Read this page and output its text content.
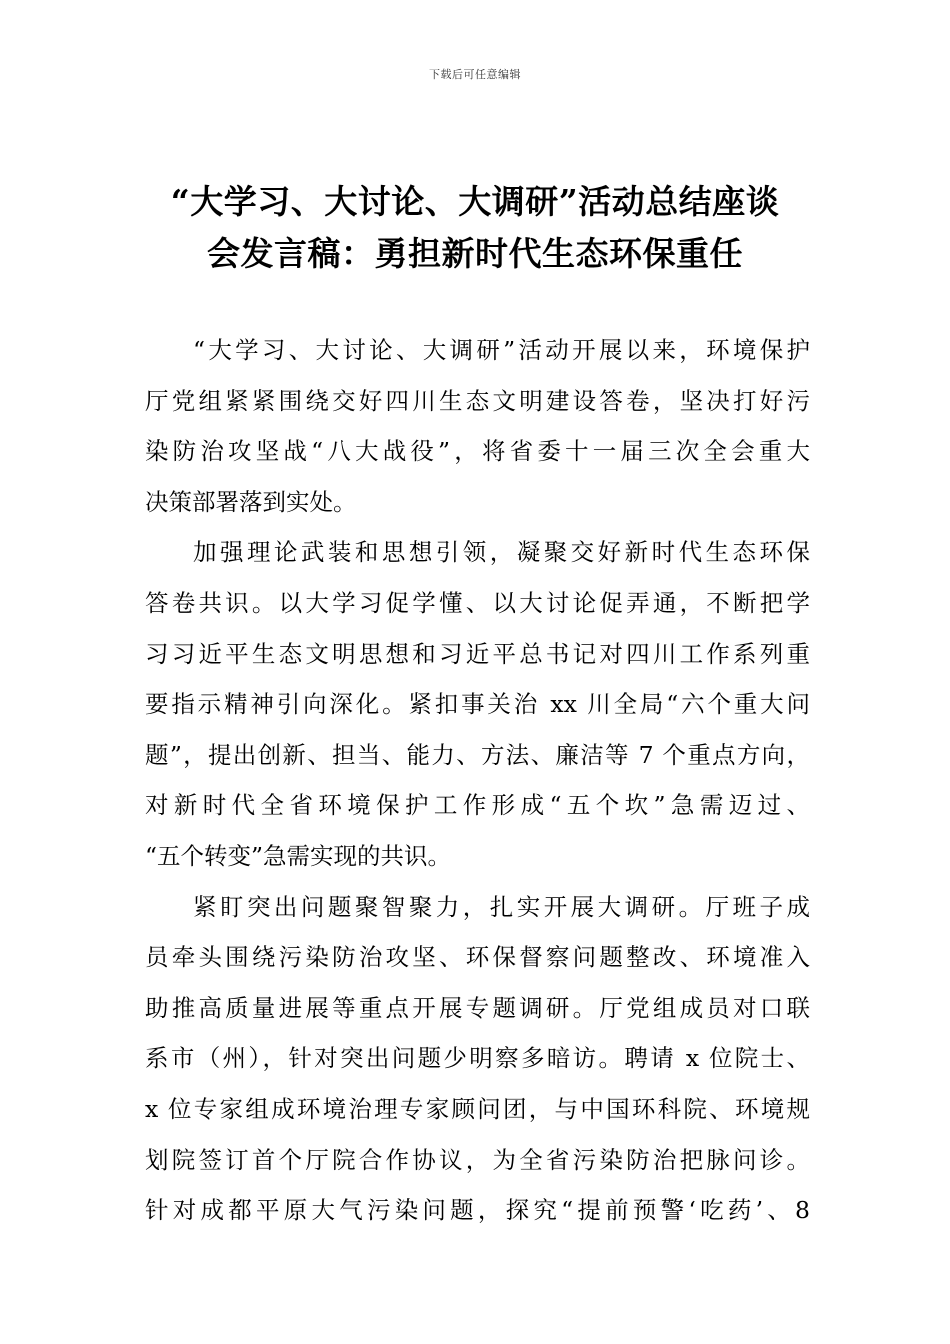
下载后可任意编辑
“大学习、大讨论、大调研”活动总结座谈
会发言稿：勇担新时代生态环保重任
“大学习、大讨论、大调研”活动开展以来，环境保护
厅党组紧紧围绕交好四川生态文明建设答卷，坚决打好污
染防治攻坚战“八大战役”，将省委十一届三次全会重大
决策部署落到实处。
加强理论武装和思想引领，凝聚交好新时代生态环保
答卷共识。以大学习促学懂、以大讨论促弄通，不断把学
习习近平生态文明思想和习近平总书记对四川工作系列重
要指示精神引向深化。紧扣事关治 xx 川全局“六个重大问
题”，提出创新、担当、能力、方法、廉洁等 7 个重点方向，
对新时代全省环境保护工作形成“五个坎”急需迈过、
“五个转变”急需实现的共识。
紧盯突出问题聚智聚力，扎实开展大调研。厅班子成
员牵头围绕污染防治攻坚、环保督察问题整改、环境准入
助推高质量进展等重点开展专题调研。厅党组成员对口联
系市（州），针对突出问题少明察多暗访。聘请 x 位院士、
x 位专家组成环境治理专家顾问团，与中国环科院、环境规
划院签订首个厅院合作协议，为全省污染防治把脉问诊。
针对成都平原大气污染问题，探究“提前预警‘吃药’、8
